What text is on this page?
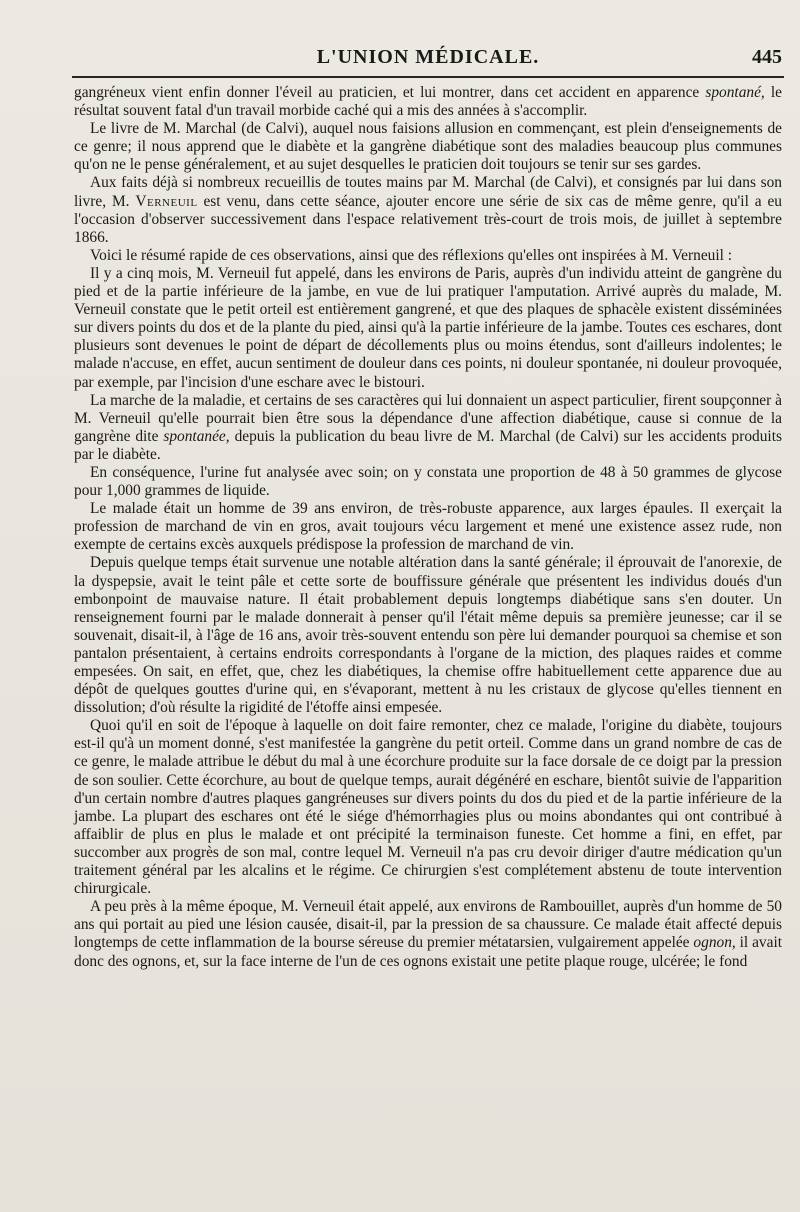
L'UNION MÉDICALE.	445

gangréneux vient enfin donner l'éveil au praticien, et lui montrer, dans cet accident en apparence spontané, le résultat souvent fatal d'un travail morbide caché qui a mis des années à s'accomplir.

Le livre de M. Marchal (de Calvi), auquel nous faisions allusion en commençant, est plein d'enseignements de ce genre; il nous apprend que le diabète et la gangrène diabétique sont des maladies beaucoup plus communes qu'on ne le pense généralement, et au sujet desquelles le praticien doit toujours se tenir sur ses gardes.

Aux faits déjà si nombreux recueillis de toutes mains par M. Marchal (de Calvi), et consignés par lui dans son livre, M. Verneuil est venu, dans cette séance, ajouter encore une série de six cas de même genre, qu'il a eu l'occasion d'observer successivement dans l'espace relativement très-court de trois mois, de juillet à septembre 1866.

Voici le résumé rapide de ces observations, ainsi que des réflexions qu'elles ont inspirées à M. Verneuil :

Il y a cinq mois, M. Verneuil fut appelé, dans les environs de Paris, auprès d'un individu atteint de gangrène du pied et de la partie inférieure de la jambe, en vue de lui pratiquer l'amputation. Arrivé auprès du malade, M. Verneuil constate que le petit orteil est entièrement gangrené, et que des plaques de sphacèle existent disséminées sur divers points du dos et de la plante du pied, ainsi qu'à la partie inférieure de la jambe. Toutes ces eschares, dont plusieurs sont devenues le point de départ de décollements plus ou moins étendus, sont d'ailleurs indolentes; le malade n'accuse, en effet, aucun sentiment de douleur dans ces points, ni douleur spontanée, ni douleur provoquée, par exemple, par l'incision d'une eschare avec le bistouri.

La marche de la maladie, et certains de ses caractères qui lui donnaient un aspect particulier, firent soupçonner à M. Verneuil qu'elle pourrait bien être sous la dépendance d'une affection diabétique, cause si connue de la gangrène dite spontanée, depuis la publication du beau livre de M. Marchal (de Calvi) sur les accidents produits par le diabète.

En conséquence, l'urine fut analysée avec soin; on y constata une proportion de 48 à 50 grammes de glycose pour 1,000 grammes de liquide.

Le malade était un homme de 39 ans environ, de très-robuste apparence, aux larges épaules. Il exerçait la profession de marchand de vin en gros, avait toujours vécu largement et mené une existence assez rude, non exempte de certains excès auxquels prédispose la profession de marchand de vin.

Depuis quelque temps était survenue une notable altération dans la santé générale; il éprouvait de l'anorexie, de la dyspepsie, avait le teint pâle et cette sorte de bouffissure générale que présentent les individus doués d'un embonpoint de mauvaise nature. Il était probablement depuis longtemps diabétique sans s'en douter. Un renseignement fourni par le malade donnerait à penser qu'il l'était même depuis sa première jeunesse; car il se souvenait, disait-il, à l'âge de 16 ans, avoir très-souvent entendu son père lui demander pourquoi sa chemise et son pantalon présentaient, à certains endroits correspondants à l'organe de la miction, des plaques raides et comme empesées. On sait, en effet, que, chez les diabétiques, la chemise offre habituellement cette apparence due au dépôt de quelques gouttes d'urine qui, en s'évaporant, mettent à nu les cristaux de glycose qu'elles tiennent en dissolution; d'où résulte la rigidité de l'étoffe ainsi empesée.

Quoi qu'il en soit de l'époque à laquelle on doit faire remonter, chez ce malade, l'origine du diabète, toujours est-il qu'à un moment donné, s'est manifestée la gangrène du petit orteil. Comme dans un grand nombre de cas de ce genre, le malade attribue le début du mal à une écorchure produite sur la face dorsale de ce doigt par la pression de son soulier. Cette écorchure, au bout de quelque temps, aurait dégénéré en eschare, bientôt suivie de l'apparition d'un certain nombre d'autres plaques gangréneuses sur divers points du dos du pied et de la partie inférieure de la jambe. La plupart des eschares ont été le siége d'hémorrhagies plus ou moins abondantes qui ont contribué à affaiblir de plus en plus le malade et ont précipité la terminaison funeste. Cet homme a fini, en effet, par succomber aux progrès de son mal, contre lequel M. Verneuil n'a pas cru devoir diriger d'autre médication qu'un traitement général par les alcalins et le régime. Ce chirurgien s'est complétement abstenu de toute intervention chirurgicale.

A peu près à la même époque, M. Verneuil était appelé, aux environs de Rambouillet, auprès d'un homme de 50 ans qui portait au pied une lésion causée, disait-il, par la pression de sa chaussure. Ce malade était affecté depuis longtemps de cette inflammation de la bourse séreuse du premier métatarsien, vulgairement appelée ognon, il avait donc des ognons, et, sur la face interne de l'un de ces ognons existait une petite plaque rouge, ulcérée; le fond
